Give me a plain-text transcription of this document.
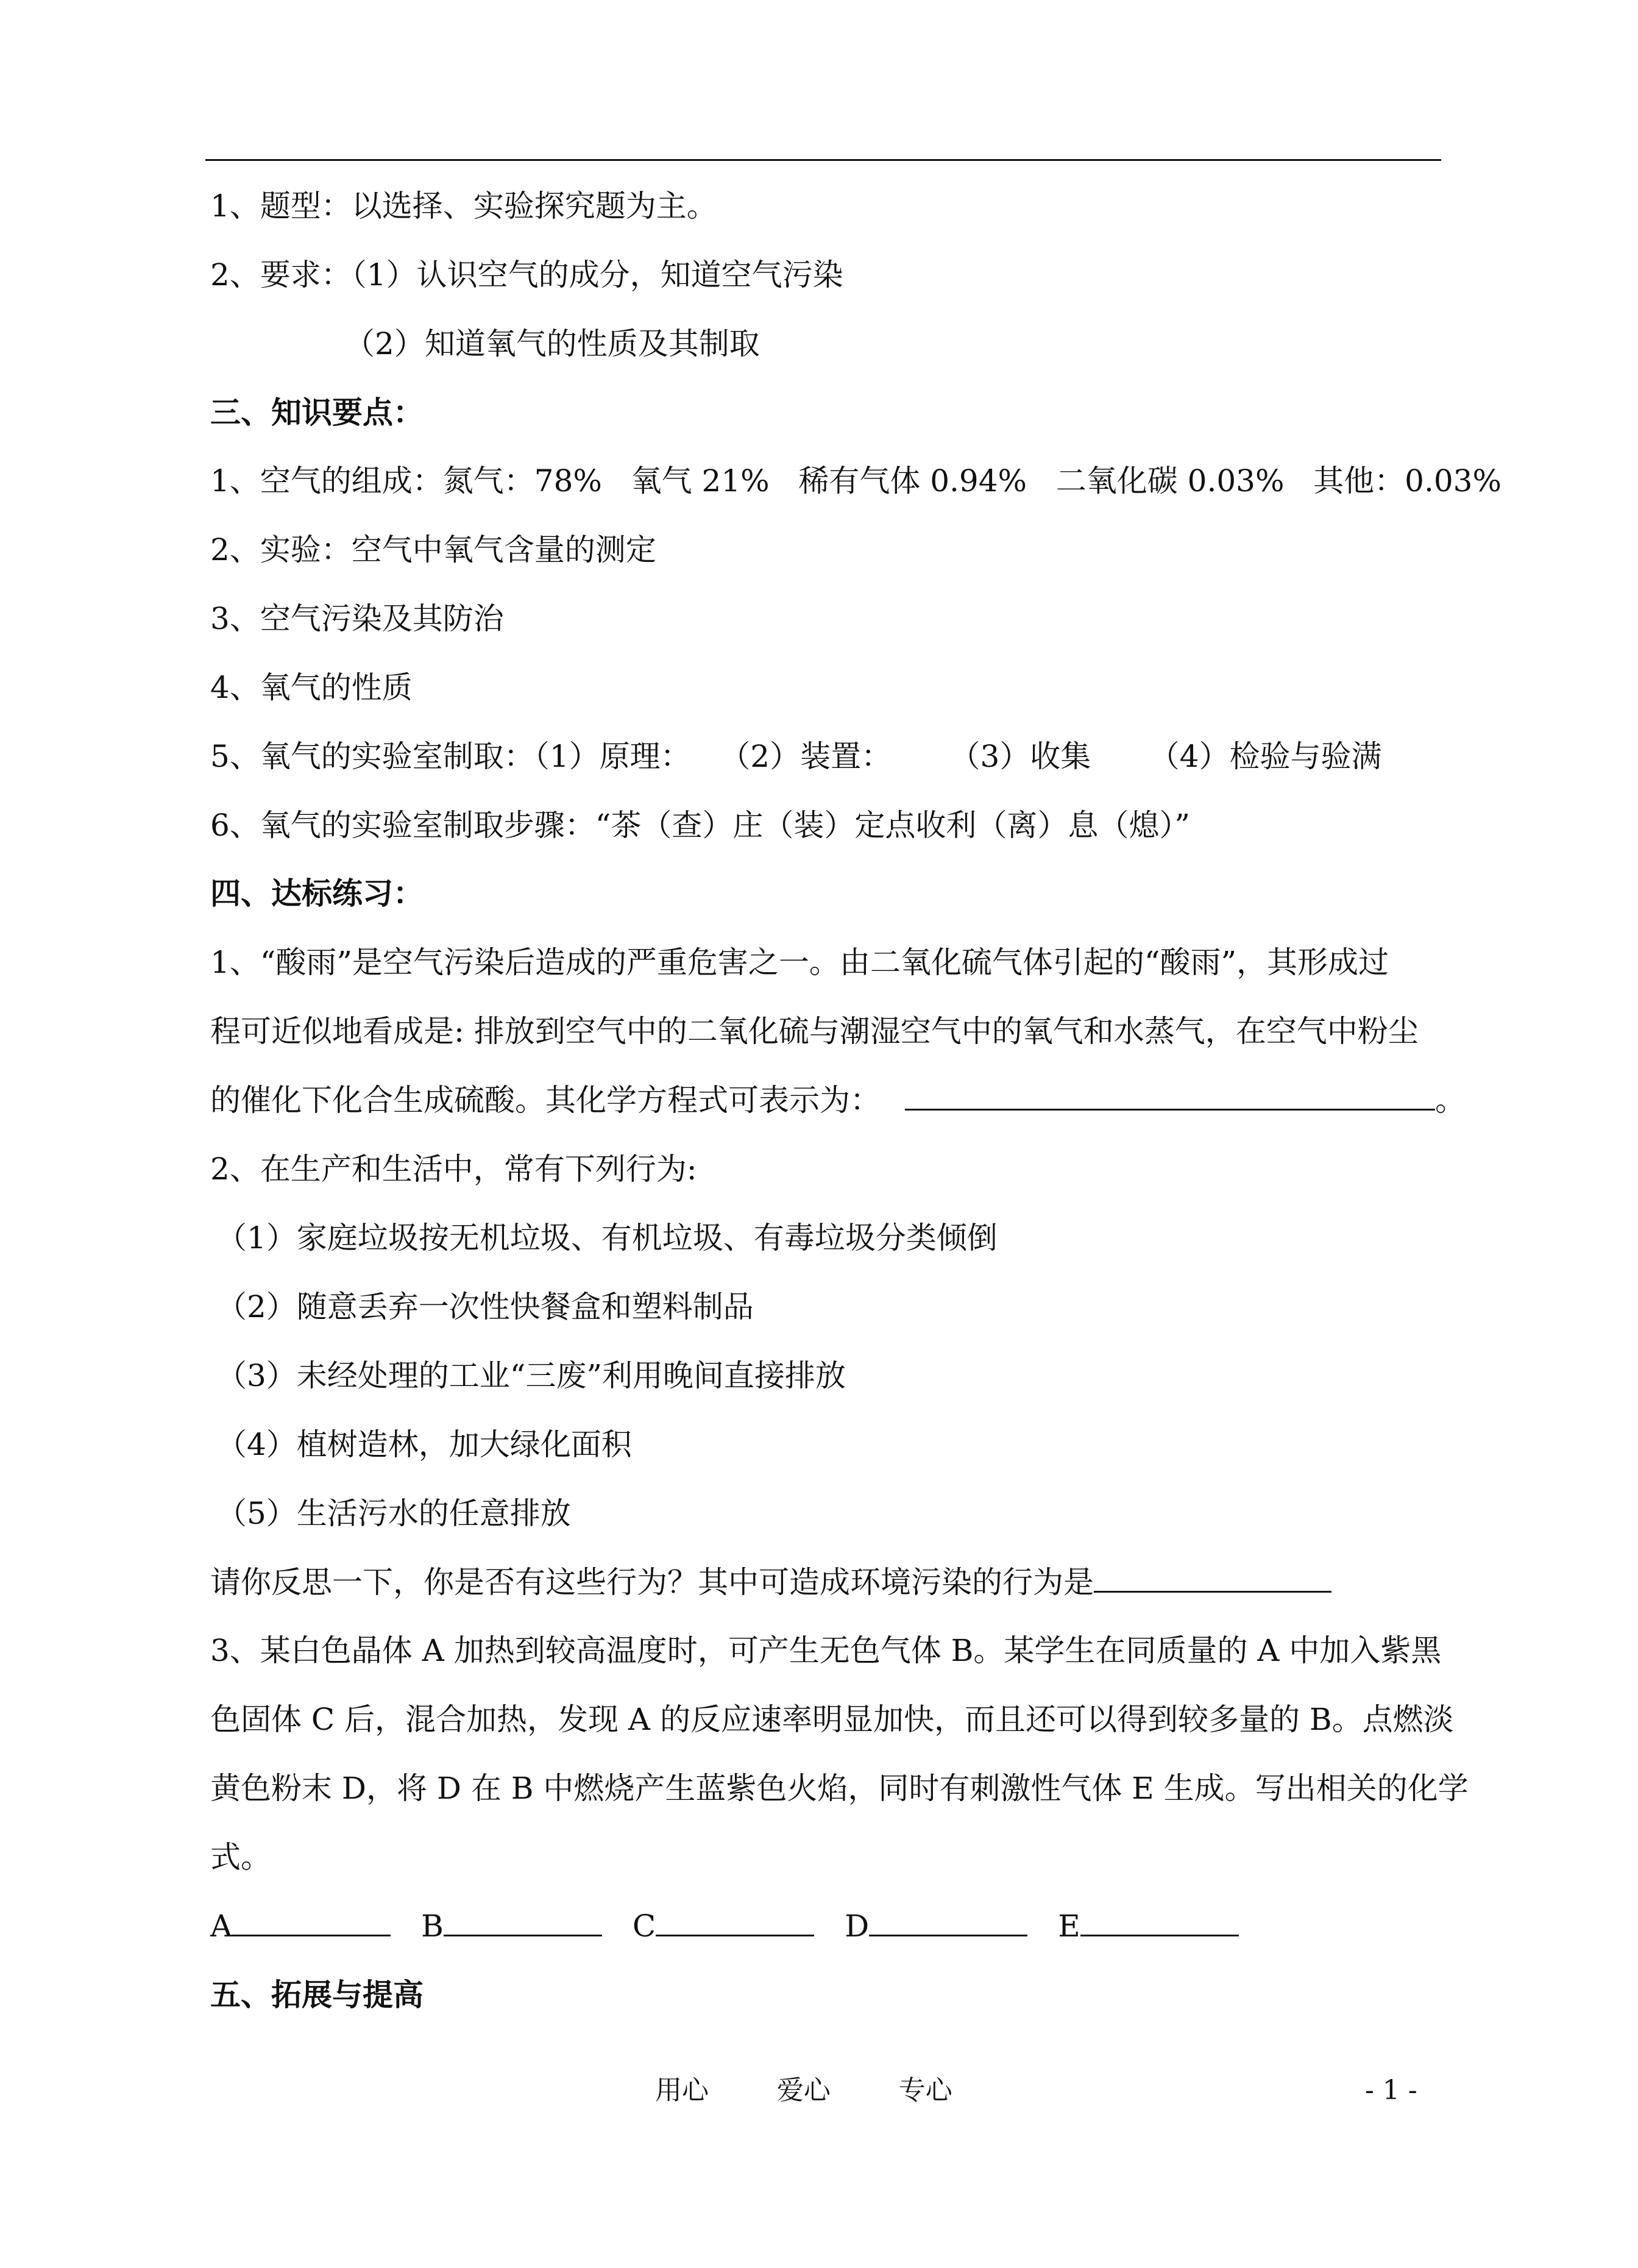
1、题型：以选择、实验探究题为主。
2、要求：（1）认识空气的成分，知道空气污染
（2）知道氧气的性质及其制取
三、知识要点：
1、空气的组成：氮气：78%   氧气 21%   稀有气体 0.94%   二氧化碳 0.03%   其他：0.03%
2、实验：空气中氧气含量的测定
3、空气污染及其防治
4、氧气的性质
5、氧气的实验室制取：（1）原理：   （2）装置：      （3）收集      （4）检验与验满
6、氧气的实验室制取步骤：“茶（查）庄（装）定点收利（离）息（熄）”
四、达标练习：
1、“酸雨”是空气污染后造成的严重危害之一。由二氧化硫气体引起的“酸雨”，其形成过
程可近似地看成是: 排放到空气中的二氧化硫与潮湿空气中的氧气和水蒸气，在空气中粉尘
的催化下化合生成硫酸。其化学方程式可表示为：	。
2、在生产和生活中，常有下列行为:
（1）家庭垃圾按无机垃圾、有机垃圾、有毒垃圾分类倾倒
（2）随意丢弃一次性快餐盒和塑料制品
（3）未经处理的工业“三废”利用晚间直接排放
（4）植树造林，加大绿化面积
（5）生活污水的任意排放
请你反思一下，你是否有这些行为？其中可造成环境污染的行为是
3、某白色晶体 A 加热到较高温度时，可产生无色气体 B。某学生在同质量的 A 中加入紫黑
色固体 C 后，混合加热，发现 A 的反应速率明显加快，而且还可以得到较多量的 B。点燃淡
黄色粉末 D，将 D 在 B 中燃烧产生蓝紫色火焰，同时有刺激性气体 E 生成。写出相关的化学
式。
A	B	C	D	E
五、拓展与提高
用心        爱心        专心	- 1 -
